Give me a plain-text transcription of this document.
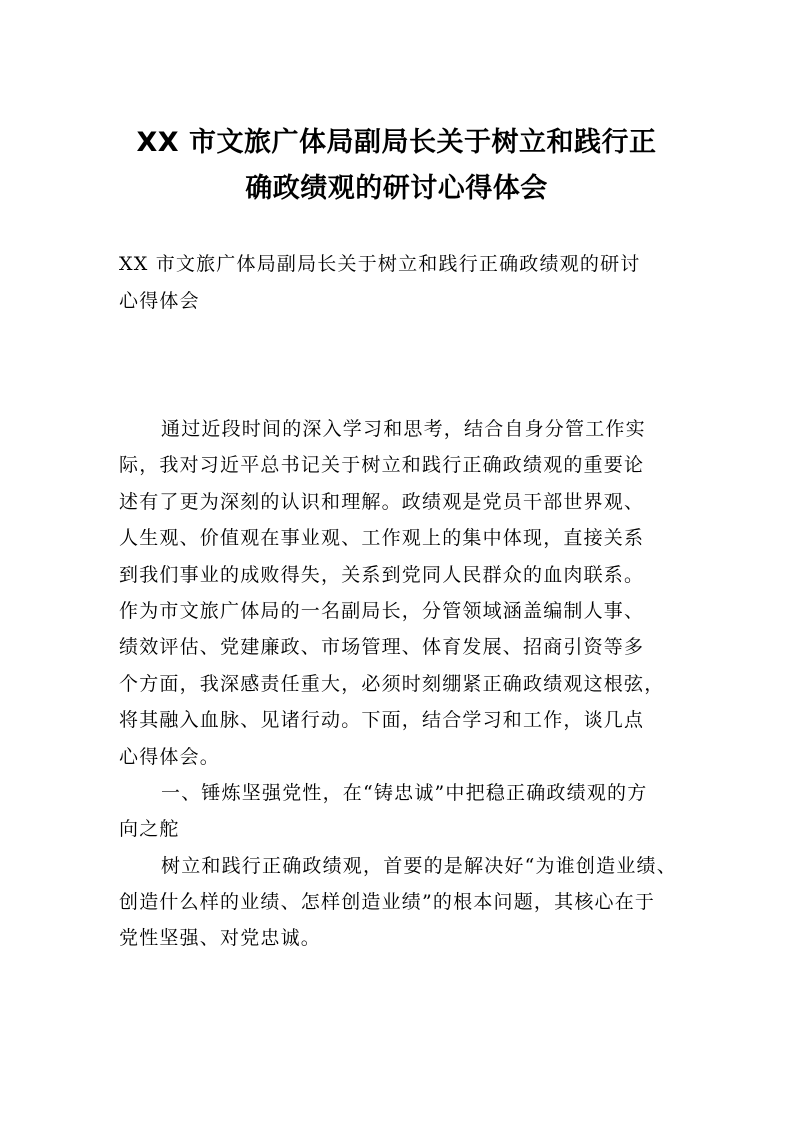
XX 市文旅广体局副局长关于树立和践行正
确政绩观的研讨心得体会

XX 市文旅广体局副局长关于树立和践行正确政绩观的研讨
心得体会

通过近段时间的深入学习和思考，结合自身分管工作实
际，我对习近平总书记关于树立和践行正确政绩观的重要论
述有了更为深刻的认识和理解。政绩观是党员干部世界观、
人生观、价值观在事业观、工作观上的集中体现，直接关系
到我们事业的成败得失，关系到党同人民群众的血肉联系。
作为市文旅广体局的一名副局长，分管领域涵盖编制人事、
绩效评估、党建廉政、市场管理、体育发展、招商引资等多
个方面，我深感责任重大，必须时刻绷紧正确政绩观这根弦，
将其融入血脉、见诸行动。下面，结合学习和工作，谈几点
心得体会。
一、锤炼坚强党性，在“铸忠诚”中把稳正确政绩观的方
向之舵
树立和践行正确政绩观，首要的是解决好“为谁创造业绩、
创造什么样的业绩、怎样创造业绩”的根本问题，其核心在于
党性坚强、对党忠诚。
